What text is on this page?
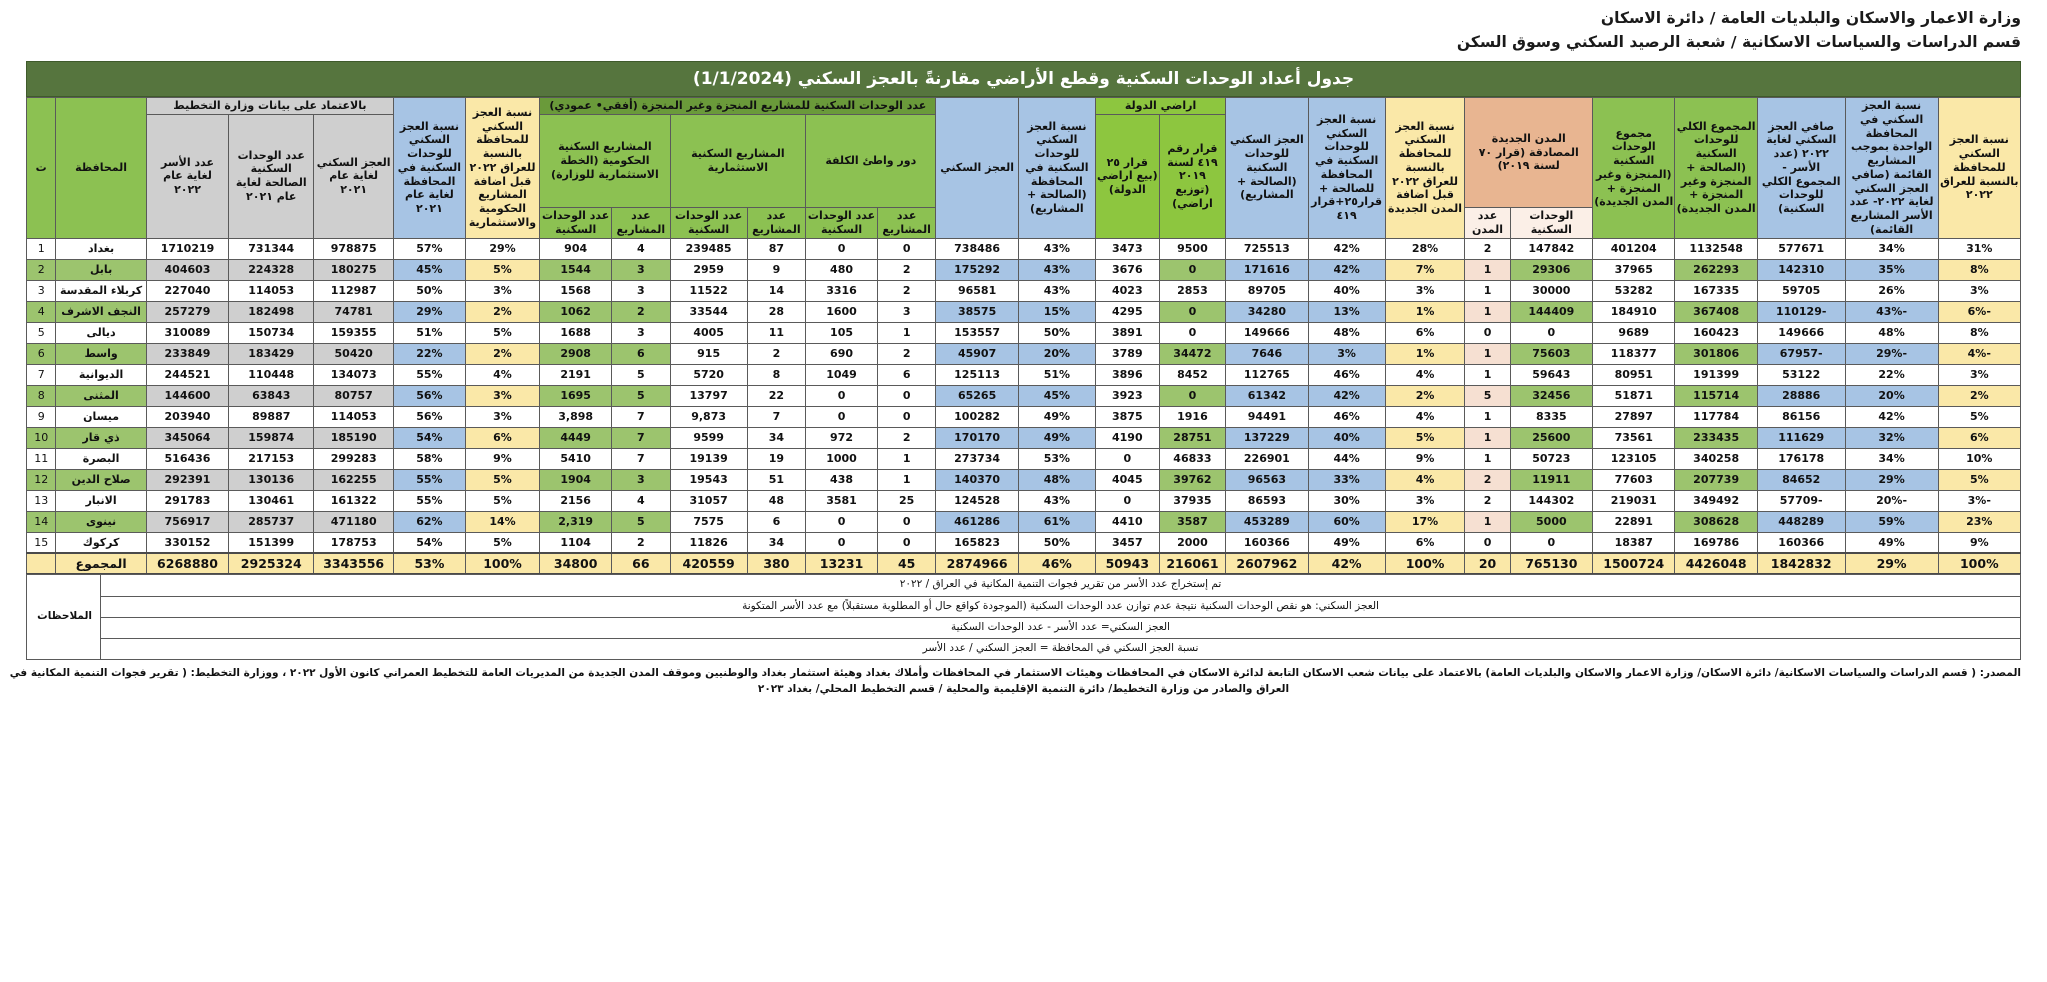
وزارة الاعمار والاسكان والبلديات العامة / دائرة الاسكان
قسم الدراسات والسياسات الاسكانية / شعبة الرصيد السكني وسوق السكن
جدول أعداد الوحدات السكنية وقطع الأراضي مقارنةً بالعجز السكني (1/1/2024)
نسبة العجز السكني للمحافظة بالنسبة للعراق ٢٠٢٢	نسبة العجز السكني في المحافظة الواحدة بموجب المشاريع القائمة (صافي العجز السكني لغاية ٢٠٢٢- عدد الأسر المشاريع القائمة)	صافي العجز السكني لغاية ٢٠٢٢ (عدد الأسر - المجموع الكلي للوحدات السكنية)	المجموع الكلي للوحدات السكنية (الصالحة + المنجزة وغير المنجزة + المدن الجديدة)	مجموع الوحدات السكنية (المنجزة وغير المنجزة + المدن الجديدة)	المدن الجديدة المصادقة (قرار ٧٠ لسنة ٢٠١٩)		نسبة العجز السكني للمحافظة بالنسبة للعراق ٢٠٢٢ قبل اضافة المدن الجديدة	نسبة العجز السكني للوحدات السكنية في المحافظة للصالحة + قرار٢٥+قرار ٤١٩	العجز السكني للوحدات السكنية (الصالحة + المشاريع)	اراضي الدولة		نسبة العجز السكني للوحدات السكنية في المحافظة (الصالحة + المشاريع)	العجز السكني	عدد الوحدات السكنية للمشاريع المنجزة وغير المنجزة (أفقي• عمودي)						نسبة العجز السكني للمحافظة بالنسبة للعراق ٢٠٢٢ قبل اضافة المشاريع الحكومية والاستثمارية	نسبة العجز السكني للوحدات السكنية في المحافظة لغاية عام ٢٠٢١	بالاعتماد على بيانات وزارة التخطيط			المحافظة	ت
										قرار رقم ٤١٩ لسنة ٢٠١٩ (توزيع اراضي)	قرار ٢٥ (بيع اراضي الدولة)			دور واطئ الكلفة		المشاريع السكنية الاستثمارية		المشاريع السكنية الحكومية (الخطة الاستثمارية للوزارة)				العجز السكني لغاية عام ٢٠٢١	عدد الوحدات السكنية الصالحة لغاية عام ٢٠٢١	عدد الأسر لغاية عام ٢٠٢٢		
					الوحدات السكنية	عدد المدن								عدد المشاريع	عدد الوحدات السكنية	عدد المشاريع	عدد الوحدات السكنية	عدد المشاريع	عدد الوحدات السكنية							
31%	34%	577671	1132548	401204	147842	2	28%	42%	725513	9500	3473	43%	738486	0	0	87	239485	4	904	29%	57%	978875	731344	1710219	بغداد	1
8%	35%	142310	262293	37965	29306	1	7%	42%	171616	0	3676	43%	175292	2	480	9	2959	3	1544	5%	45%	180275	224328	404603	بابل	2
3%	26%	59705	167335	53282	30000	1	3%	40%	89705	2853	4023	43%	96581	2	3316	14	11522	3	1568	3%	50%	112987	114053	227040	كربلاء المقدسة	3
-6%	-43%	-110129	367408	184910	144409	1	1%	13%	34280	0	4295	15%	38575	3	1600	28	33544	2	1062	2%	29%	74781	182498	257279	النجف الاشرف	4
8%	48%	149666	160423	9689	0	0	6%	48%	149666	0	3891	50%	153557	1	105	11	4005	3	1688	5%	51%	159355	150734	310089	ديالى	5
-4%	-29%	-67957	301806	118377	75603	1	1%	3%	7646	34472	3789	20%	45907	2	690	2	915	6	2908	2%	22%	50420	183429	233849	واسط	6
3%	22%	53122	191399	80951	59643	1	4%	46%	112765	8452	3896	51%	125113	6	1049	8	5720	5	2191	4%	55%	134073	110448	244521	الديوانية	7
2%	20%	28886	115714	51871	32456	5	2%	42%	61342	0	3923	45%	65265	0	0	22	13797	5	1695	3%	56%	80757	63843	144600	المثنى	8
5%	42%	86156	117784	27897	8335	1	4%	46%	94491	1916	3875	49%	100282	0	0	7	9,873	7	3,898	3%	56%	114053	89887	203940	ميسان	9
6%	32%	111629	233435	73561	25600	1	5%	40%	137229	28751	4190	49%	170170	2	972	34	9599	7	4449	6%	54%	185190	159874	345064	ذي قار	10
10%	34%	176178	340258	123105	50723	1	9%	44%	226901	46833	0	53%	273734	1	1000	19	19139	7	5410	9%	58%	299283	217153	516436	البصرة	11
5%	29%	84652	207739	77603	11911	2	4%	33%	96563	39762	4045	48%	140370	1	438	51	19543	3	1904	5%	55%	162255	130136	292391	صلاح الدين	12
-3%	-20%	-57709	349492	219031	144302	2	3%	30%	86593	37935	0	43%	124528	25	3581	48	31057	4	2156	5%	55%	161322	130461	291783	الانبار	13
23%	59%	448289	308628	22891	5000	1	17%	60%	453289	3587	4410	61%	461286	0	0	6	7575	5	2,319	14%	62%	471180	285737	756917	نينوى	14
9%	49%	160366	169786	18387	0	0	6%	49%	160366	2000	3457	50%	165823	0	0	34	11826	2	1104	5%	54%	178753	151399	330152	كركوك	15
100%	29%	1842832	4426048	1500724	765130	20	100%	42%	2607962	216061	50943	46%	2874966	45	13231	380	420559	66	34800	100%	53%	3343556	2925324	6268880	المجموع	
تم إستخراج عدد الأسر من تقرير فجوات التنمية المكانية في العراق / ٢٠٢٢
العجز السكني: هو نقص الوحدات السكنية نتيجة عدم توازن عدد الوحدات السكنية (الموجودة كواقع حال أو المطلوبة مستقبلاً) مع عدد الأسر المتكونة
العجز السكني= عدد الأسر - عدد الوحدات السكنية
نسبة العجز السكني في المحافظة = العجز السكني / عدد الأسر
	الملاحظات
المصدر: ( قسم الدراسات والسياسات الاسكانية/ دائرة الاسكان/ وزارة الاعمار والاسكان والبلديات العامة) بالاعتماد على بيانات شعب الاسكان التابعة لدائرة الاسكان في المحافظات وهيئات الاستثمار في المحافظات وأملاك بغداد وهيئة استثمار بغداد والوطنيين وموقف المدن الجديدة من المديريات العامة للتخطيط العمراني كانون الأول ٢٠٢٢ ، ووزارة التخطيط: ( تقرير فجوات التنمية المكانية في
العراق والصادر من وزارة التخطيط/ دائرة التنمية الإقليمية والمحلية / قسم التخطيط المحلي/ بغداد ٢٠٢٣
